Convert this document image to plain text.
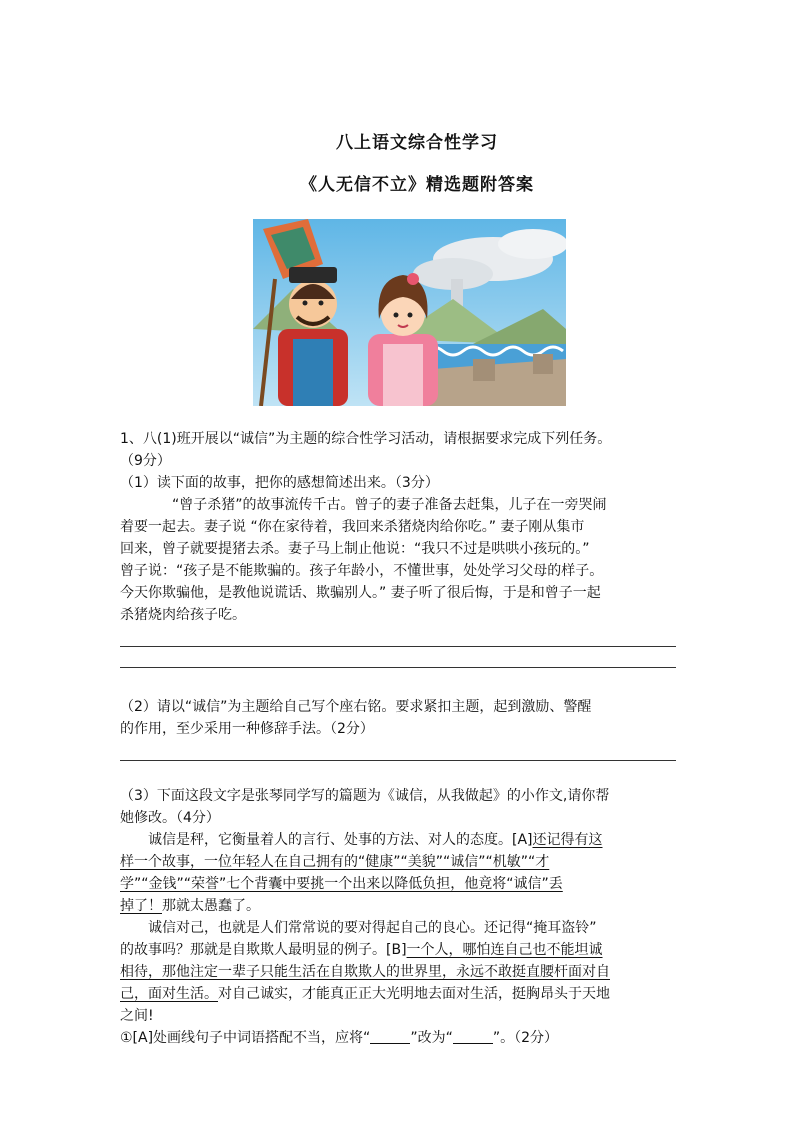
八上语文综合性学习
《人无信不立》精选题附答案
1、八(1)班开展以“诚信”为主题的综合性学习活动，请根据要求完成下列任务。
（9分）
（1）读下面的故事，把你的感想简述出来。（3分）
“曾子杀猪”的故事流传千古。曾子的妻子准备去赶集，儿子在一旁哭闹
着要一起去。妻子说 “你在家待着，我回来杀猪烧肉给你吃。” 妻子刚从集市
回来，曾子就要提猪去杀。妻子马上制止他说：“我只不过是哄哄小孩玩的。”
曾子说：“孩子是不能欺骗的。孩子年龄小，不懂世事，处处学习父母的样子。
今天你欺骗他，是教他说谎话、欺骗别人。” 妻子听了很后悔，于是和曾子一起
杀猪烧肉给孩子吃。
（2）请以“诚信”为主题给自己写个座右铭。要求紧扣主题，起到激励、警醒
的作用，至少采用一种修辞手法。（2分）
（3）下面这段文字是张琴同学写的篇题为《诚信，从我做起》的小作文,请你帮
她修改。（4分）
诚信是秤，它衡量着人的言行、处事的方法、对人的态度。[A]还记得有这
样一个故事，一位年轻人在自己拥有的“健康”“美貌”“诚信”“机敏”“才
学”“金钱”“荣誉”七个背囊中要挑一个出来以降低负担，他竟将“诚信”丢
掉了！那就太愚蠢了。
诚信对己，也就是人们常常说的要对得起自己的良心。还记得“掩耳盗铃”
的故事吗？那就是自欺欺人最明显的例子。[B]一个人，哪怕连自己也不能坦诚
相待，那他注定一辈子只能生活在自欺欺人的世界里，永远不敢挺直腰杆面对自
己，面对生活。对自己诚实，才能真正正大光明地去面对生活，挺胸昂头于天地
之间!
①[A]处画线句子中词语搭配不当，应将“	”改为“	”。（2分）
